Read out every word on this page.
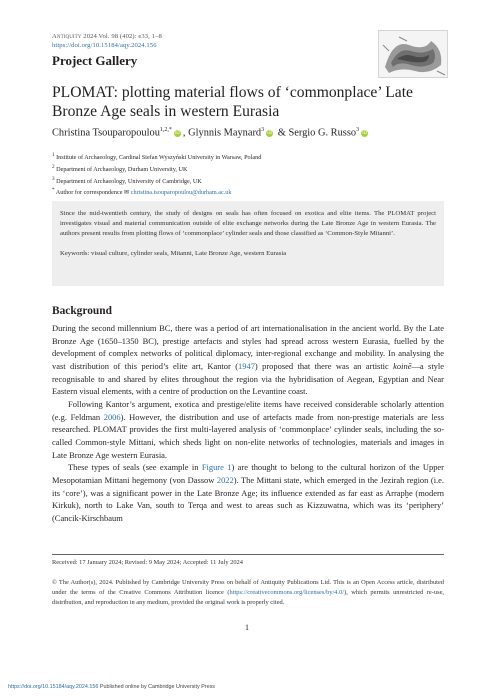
Antiquity 2024 Vol. 98 (402): e33, 1–8
https://doi.org/10.15184/aqy.2024.156
Project Gallery
PLOMAT: plotting material flows of ‘commonplace’ Late Bronze Age seals in western Eurasia
Christina Tsouparopoulou$^{1,2,*}$iD , Glynnis Maynard$^3$iD & Sergio G. Russo$^3$iD
$^1$ Institute of Archaeology, Cardinal Stefan Wyszyński University in Warsaw, Poland
$^2$ Department of Archaeology, Durham University, UK
$^3$ Department of Archaeology, University of Cambridge, UK
* Author for correspondence ✉ christina.tsouparopoulou@durham.ac.uk

Since the mid-twentieth century, the study of designs on seals has often focused on exotica and elite items. The PLOMAT project investigates visual and material communication outside of elite exchange networks during the Late Bronze Age in western Eurasia. The authors present results from plotting flows of ‘commonplace’ cylinder seals and those classified as ‘Common-Style Mitanni’.

Keywords: visual culture, cylinder seals, Mitanni, Late Bronze Age, western Eurasia

Background

During the second millennium BC, there was a period of art internationalisation in the ancient world. By the Late Bronze Age (1650–1350 BC), prestige artefacts and styles had spread across western Eurasia, fuelled by the development of complex networks of political diplomacy, inter-regional exchange and mobility. In analysing the vast distribution of this period’s elite art, Kantor (1947) proposed that there was an artistic koinē—a style recognisable to and shared by elites throughout the region via the hybridisation of Aegean, Egyptian and Near Eastern visual elements, with a centre of production on the Levantine coast.

Following Kantor’s argument, exotica and prestige/elite items have received considerable scholarly attention (e.g. Feldman 2006). However, the distribution and use of artefacts made from non-prestige materials are less researched. PLOMAT provides the first multi-layered analysis of ‘commonplace’ cylinder seals, including the so-called Common-style Mittani, which sheds light on non-elite networks of technologies, materials and images in Late Bronze Age western Eurasia.

These types of seals (see example in Figure 1) are thought to belong to the cultural horizon of the Upper Mesopotamian Mittani hegemony (von Dassow 2022). The Mittani state, which emerged in the Jezirah region (i.e. its ‘core’), was a significant power in the Late Bronze Age; its influence extended as far east as Arrapḫe (modern Kirkuk), north to Lake Van, south to Terqa and west to areas such as Kizzuwatna, which was its ‘periphery’ (Cancik-Kirschbaum

Received: 17 January 2024; Revised: 9 May 2024; Accepted: 11 July 2024
© The Author(s), 2024. Published by Cambridge University Press on behalf of Antiquity Publications Ltd. This is an Open Access article, distributed under the terms of the Creative Commons Attribution licence (https://creativecommons.org/licenses/by/4.0/), which permits unrestricted re-use, distribution, and reproduction in any medium, provided the original work is properly cited.
1
https://doi.org/10.15184/aqy.2024.156 Published online by Cambridge University Press
